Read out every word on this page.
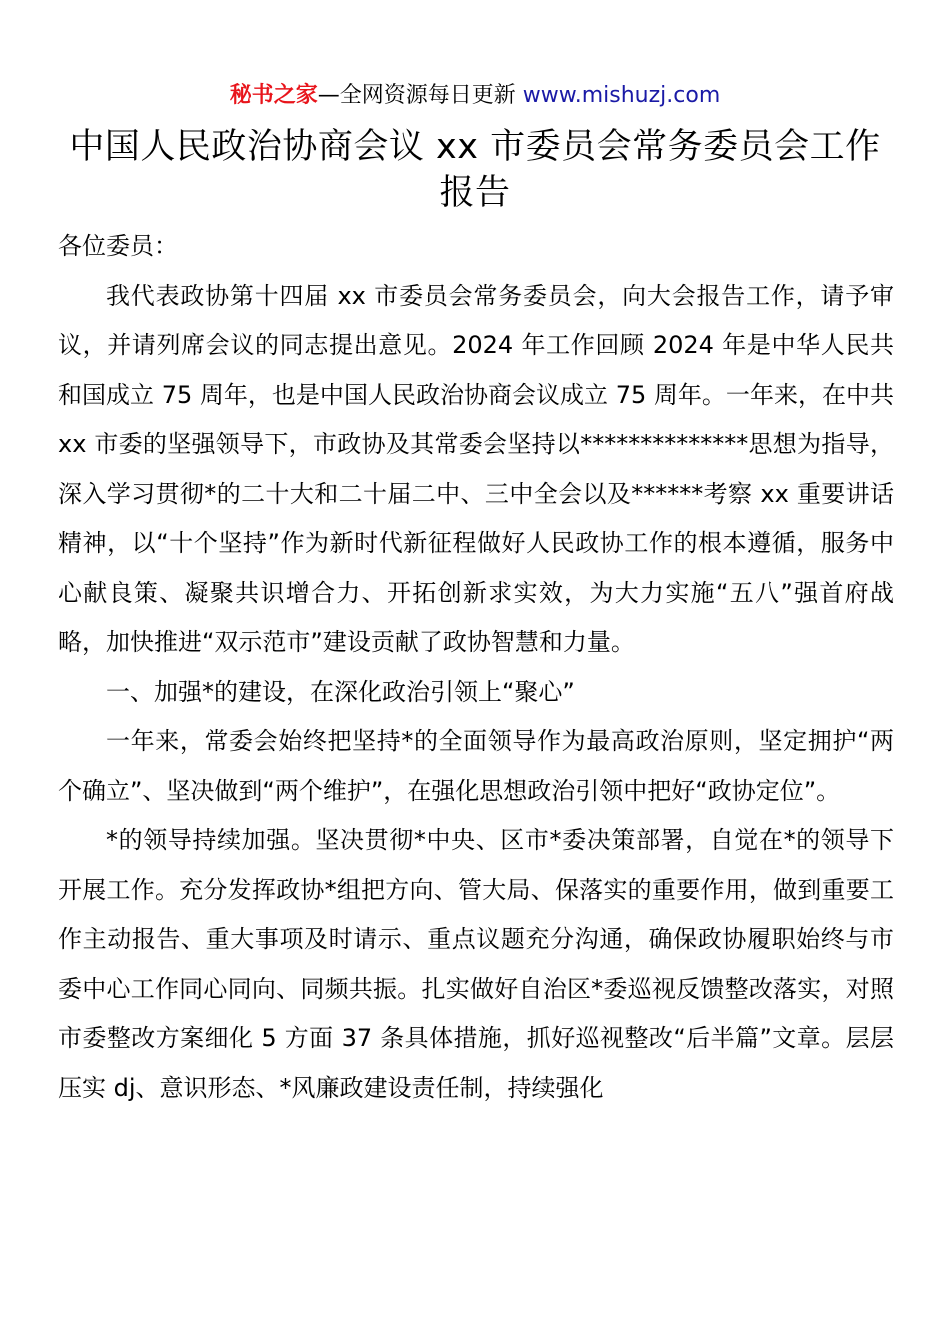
秘书之家—全网资源每日更新 www.mishuzj.com
中国人民政治协商会议 xx 市委员会常务委员会工作报告

各位委员：

我代表政协第十四届 xx 市委员会常务委员会，向大会报告工作，请予审议，并请列席会议的同志提出意见。2024 年工作回顾 2024 年是中华人民共和国成立 75 周年，也是中国人民政治协商会议成立 75 周年。一年来，在中共 xx 市委的坚强领导下，市政协及其常委会坚持以**************思想为指导，深入学习贯彻*的二十大和二十届二中、三中全会以及******考察 xx 重要讲话精神，以“十个坚持”作为新时代新征程做好人民政协工作的根本遵循，服务中心献良策、凝聚共识增合力、开拓创新求实效，为大力实施“五八”强首府战略，加快推进“双示范市”建设贡献了政协智慧和力量。

一、加强*的建设，在深化政治引领上“聚心”

一年来，常委会始终把坚持*的全面领导作为最高政治原则，坚定拥护“两个确立”、坚决做到“两个维护”，在强化思想政治引领中把好“政协定位”。

*的领导持续加强。坚决贯彻*中央、区市*委决策部署，自觉在*的领导下开展工作。充分发挥政协*组把方向、管大局、保落实的重要作用，做到重要工作主动报告、重大事项及时请示、重点议题充分沟通，确保政协履职始终与市委中心工作同心同向、同频共振。扎实做好自治区*委巡视反馈整改落实，对照市委整改方案细化 5 方面 37 条具体措施，抓好巡视整改“后半篇”文章。层层压实 dj、意识形态、*风廉政建设责任制，持续强化
